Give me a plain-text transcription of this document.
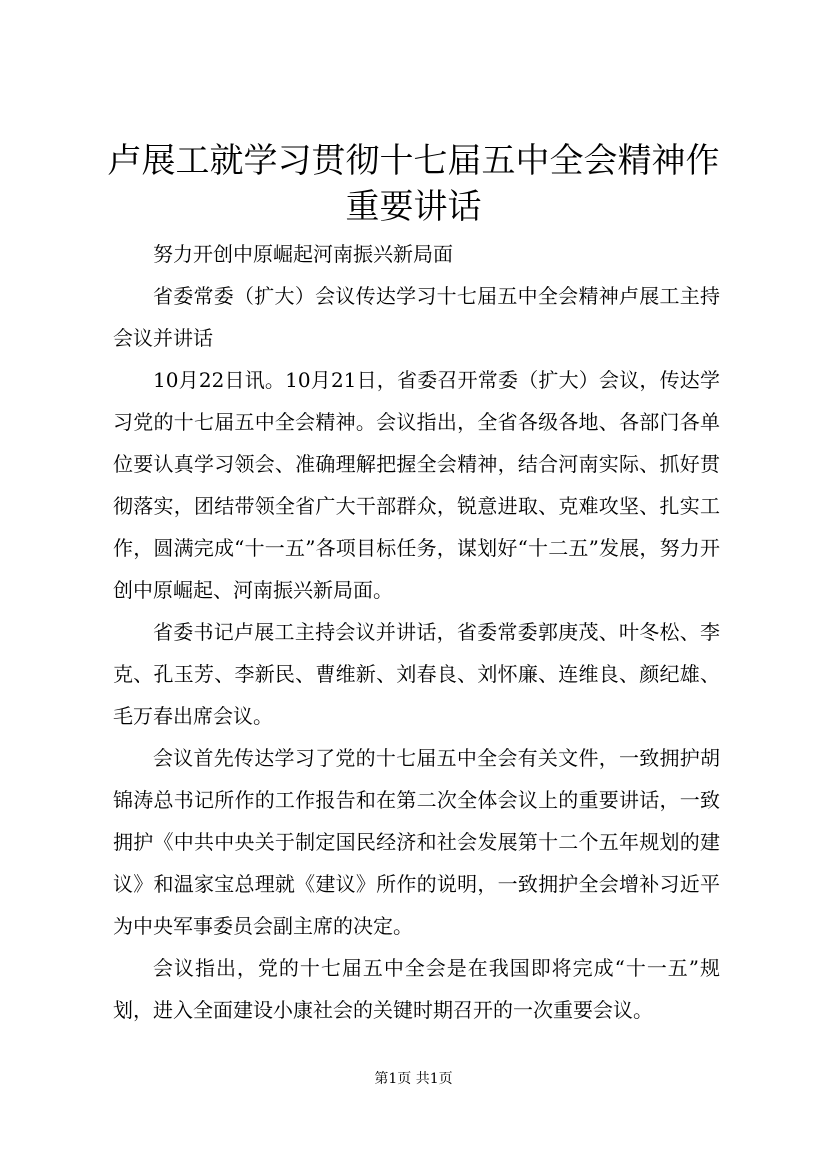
卢展工就学习贯彻十七届五中全会精神作重要讲话

努力开创中原崛起河南振兴新局面

省委常委（扩大）会议传达学习十七届五中全会精神卢展工主持会议并讲话

10月22日讯。10月21日，省委召开常委（扩大）会议，传达学习党的十七届五中全会精神。会议指出，全省各级各地、各部门各单位要认真学习领会、准确理解把握全会精神，结合河南实际、抓好贯彻落实，团结带领全省广大干部群众，锐意进取、克难攻坚、扎实工作，圆满完成“十一五”各项目标任务，谋划好“十二五”发展，努力开创中原崛起、河南振兴新局面。

省委书记卢展工主持会议并讲话，省委常委郭庚茂、叶冬松、李克、孔玉芳、李新民、曹维新、刘春良、刘怀廉、连维良、颜纪雄、毛万春出席会议。

会议首先传达学习了党的十七届五中全会有关文件，一致拥护胡锦涛总书记所作的工作报告和在第二次全体会议上的重要讲话，一致拥护《中共中央关于制定国民经济和社会发展第十二个五年规划的建议》和温家宝总理就《建议》所作的说明，一致拥护全会增补习近平为中央军事委员会副主席的决定。

会议指出，党的十七届五中全会是在我国即将完成“十一五”规划，进入全面建设小康社会的关键时期召开的一次重要会议。

第1页 共1页
